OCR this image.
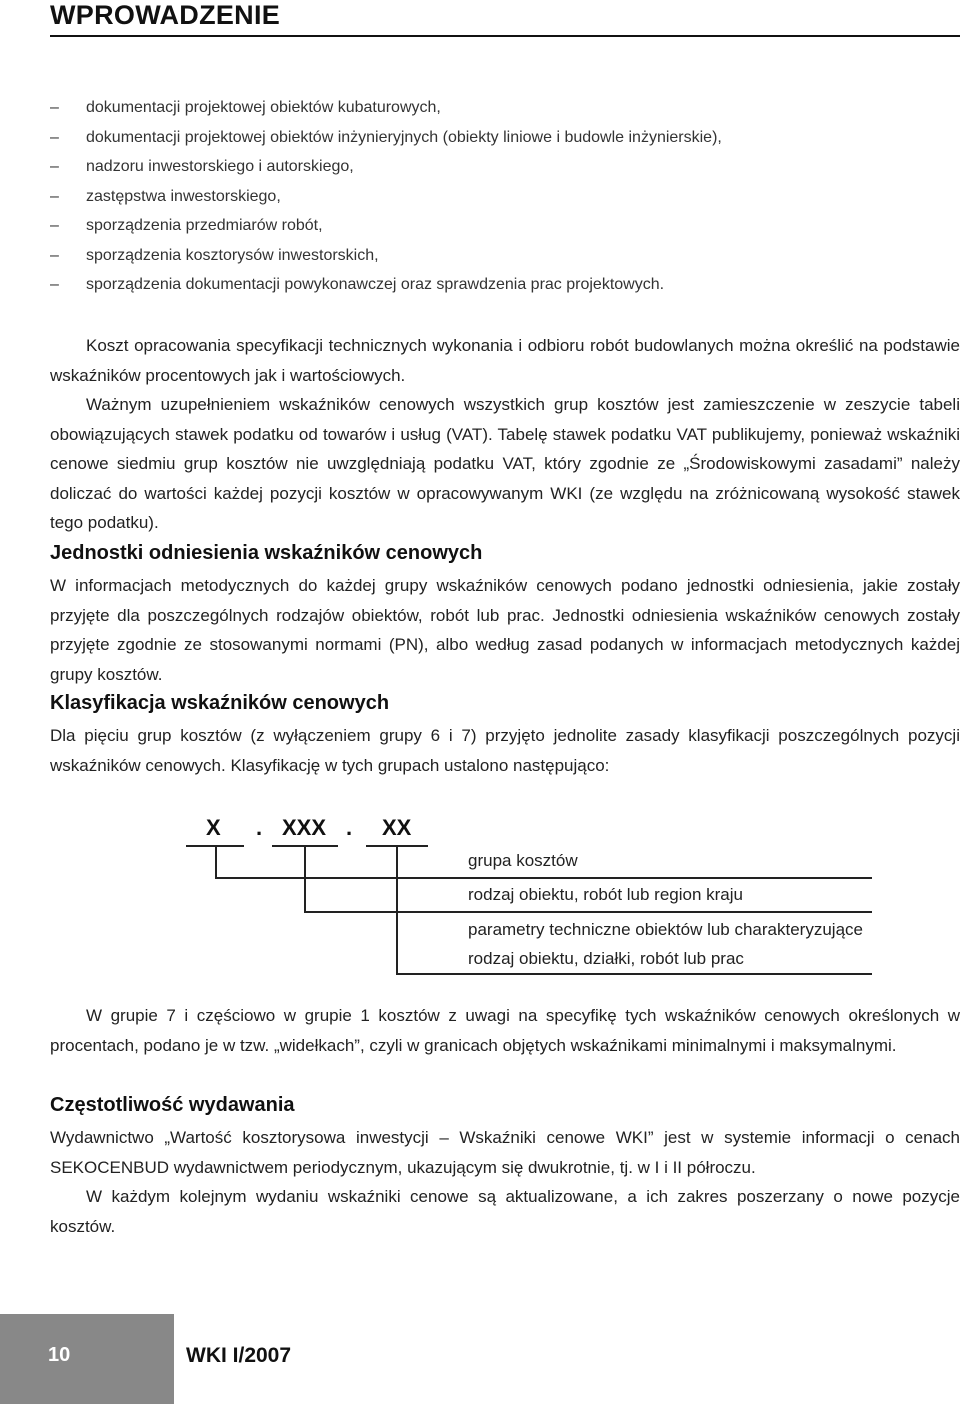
WPROWADZENIE
– dokumentacji projektowej obiektów kubaturowych,
– dokumentacji projektowej obiektów inżynieryjnych (obiekty liniowe i budowle inżynierskie),
– nadzoru inwestorskiego i autorskiego,
– zastępstwa inwestorskiego,
– sporządzenia przedmiarów robót,
– sporządzenia kosztorysów inwestorskich,
– sporządzenia dokumentacji powykonawczej oraz sprawdzenia prac projektowych.

Koszt opracowania specyfikacji technicznych wykonania i odbioru robót budowlanych można określić na podstawie wskaźników procentowych jak i wartościowych.

Ważnym uzupełnieniem wskaźników cenowych wszystkich grup kosztów jest zamieszczenie w zeszycie tabeli obowiązujących stawek podatku od towarów i usług (VAT). Tabelę stawek podatku VAT publikujemy, ponieważ wskaźniki cenowe siedmiu grup kosztów nie uwzględniają podatku VAT, który zgodnie ze „Środowiskowymi zasadami” należy doliczać do wartości każdej pozycji kosztów w opracowywanym WKI (ze względu na zróżnicowaną wysokość stawek tego podatku).

Jednostki odniesienia wskaźników cenowych

W informacjach metodycznych do każdej grupy wskaźników cenowych podano jednostki odniesienia, jakie zostały przyjęte dla poszczególnych rodzajów obiektów, robót lub prac. Jednostki odniesienia wskaźników cenowych zostały przyjęte zgodnie ze stosowanymi normami (PN), albo według zasad podanych w informacjach metodycznych każdej grupy kosztów.

Klasyfikacja wskaźników cenowych

Dla pięciu grup kosztów (z wyłączeniem grupy 6 i 7) przyjęto jednolite zasady klasyfikacji poszczególnych pozycji wskaźników cenowych. Klasyfikację w tych grupach ustalono następująco:

X . XXX . XX
grupa kosztów
rodzaj obiektu, robót lub region kraju
parametry techniczne obiektów lub charakteryzujące
rodzaj obiektu, działki, robót lub prac

W grupie 7 i częściowo w grupie 1 kosztów z uwagi na specyfikę tych wskaźników cenowych określonych w procentach, podano je w tzw. „widełkach”, czyli w granicach objętych wskaźnikami minimalnymi i maksymalnymi.

Częstotliwość wydawania

Wydawnictwo „Wartość kosztorysowa inwestycji – Wskaźniki cenowe WKI” jest w systemie informacji o cenach SEKOCENBUD wydawnictwem periodycznym, ukazującym się dwukrotnie, tj. w I i II półroczu.

W każdym kolejnym wydaniu wskaźniki cenowe są aktualizowane, a ich zakres poszerzany o nowe pozycje kosztów.

10	WKI I/2007
